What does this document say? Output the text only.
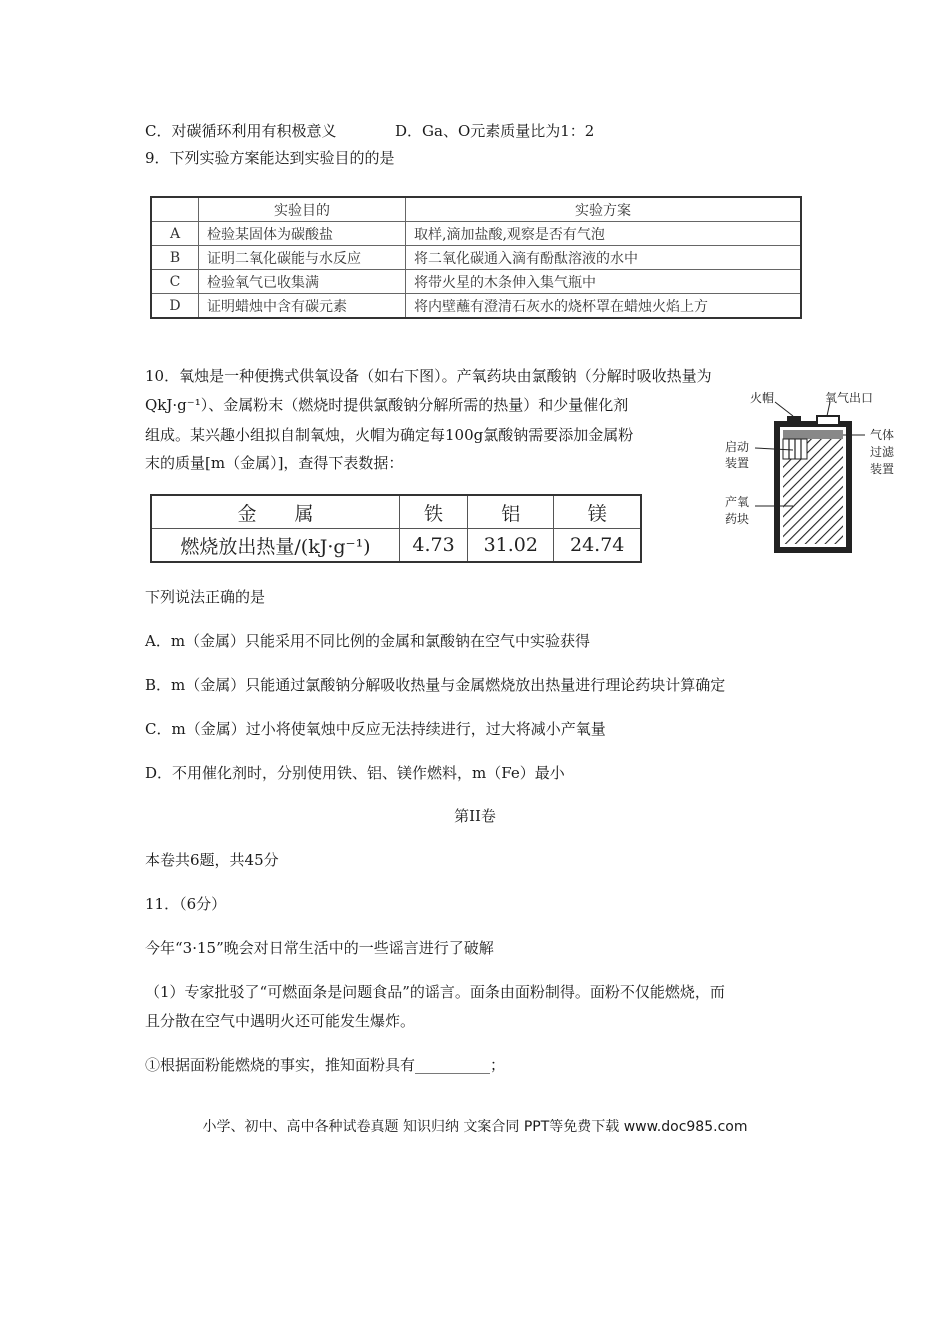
C．对碳循环利用有积极意义	D．Ga、O元素质量比为1：2
9．下列实验方案能达到实验目的的是
	实验目的	实验方案
A	检验某固体为碳酸盐	取样,滴加盐酸,观察是否有气泡
B	证明二氧化碳能与水反应	将二氧化碳通入滴有酚酞溶液的水中
C	检验氧气已收集满	将带火星的木条伸入集气瓶中
D	证明蜡烛中含有碳元素	将内壁蘸有澄清石灰水的烧杯罩在蜡烛火焰上方
10．氧烛是一种便携式供氧设备（如右下图）。产氧药块由氯酸钠（分解时吸收热量为
QkJ·g⁻¹）、金属粉末（燃烧时提供氯酸钠分解所需的热量）和少量催化剂
组成。某兴趣小组拟自制氧烛，火帽为确定每100g氯酸钠需要添加金属粉
末的质量[m（金属）]，查得下表数据：
金　　属	铁	铝	镁
燃烧放出热量/(kJ·g⁻¹)	4.73	31.02	24.74
火帽	氧气出口
启动
装置
气体
过滤
装置
产氧
药块
下列说法正确的是
A．m（金属）只能采用不同比例的金属和氯酸钠在空气中实验获得
B．m（金属）只能通过氯酸钠分解吸收热量与金属燃烧放出热量进行理论药块计算确定
C．m（金属）过小将使氧烛中反应无法持续进行，过大将减小产氧量
D．不用催化剂时，分别使用铁、铝、镁作燃料，m（Fe）最小
第II卷
本卷共6题，共45分
11．（6分）
今年“3·15”晚会对日常生活中的一些谣言进行了破解
（1）专家批驳了“可燃面条是问题食品”的谣言。面条由面粉制得。面粉不仅能燃烧，而
且分散在空气中遇明火还可能发生爆炸。
①根据面粉能燃烧的事实，推知面粉具有__________；
小学、初中、高中各种试卷真题 知识归纳 文案合同 PPT等免费下载 www.doc985.com
